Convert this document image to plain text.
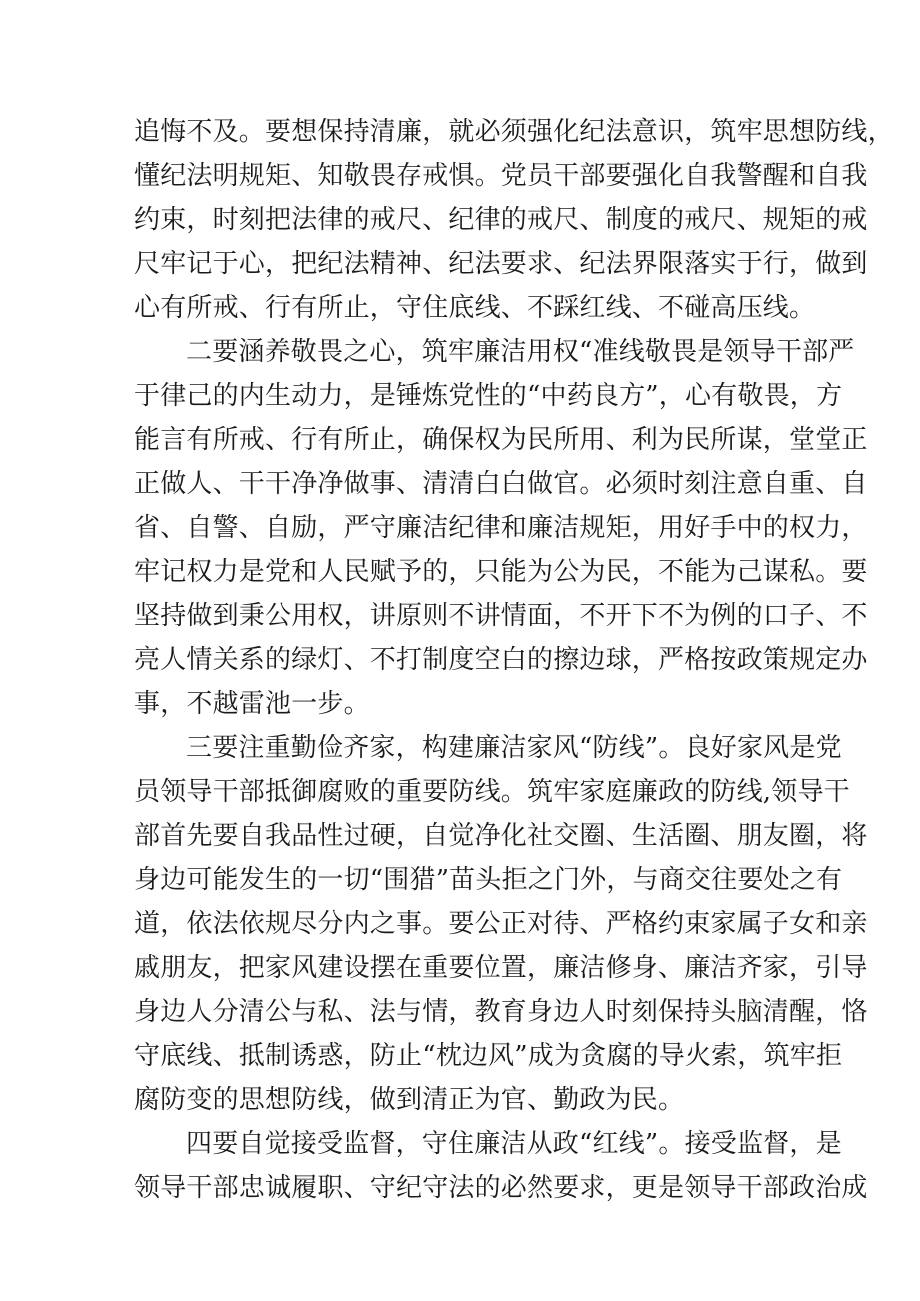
追悔不及。要想保持清廉，就必须强化纪法意识，筑牢思想防线，

懂纪法明规矩、知敬畏存戒惧。党员干部要强化自我警醒和自我

约束，时刻把法律的戒尺、纪律的戒尺、制度的戒尺、规矩的戒

尺牢记于心，把纪法精神、纪法要求、纪法界限落实于行，做到

心有所戒、行有所止，守住底线、不踩红线、不碰高压线。

二要涵养敬畏之心，筑牢廉洁用权“准线敬畏是领导干部严

于律己的内生动力，是锤炼党性的“中药良方”，心有敬畏，方

能言有所戒、行有所止，确保权为民所用、利为民所谋，堂堂正

正做人、干干净净做事、清清白白做官。必须时刻注意自重、自

省、自警、自励，严守廉洁纪律和廉洁规矩，用好手中的权力，

牢记权力是党和人民赋予的，只能为公为民，不能为己谋私。要

坚持做到秉公用权，讲原则不讲情面，不开下不为例的口子、不

亮人情关系的绿灯、不打制度空白的擦边球，严格按政策规定办

事，不越雷池一步。

三要注重勤俭齐家，构建廉洁家风“防线”。良好家风是党

员领导干部抵御腐败的重要防线。筑牢家庭廉政的防线,领导干

部首先要自我品性过硬，自觉净化社交圈、生活圈、朋友圈，将

身边可能发生的一切“围猎”苗头拒之门外，与商交往要处之有

道，依法依规尽分内之事。要公正对待、严格约束家属子女和亲

戚朋友，把家风建设摆在重要位置，廉洁修身、廉洁齐家，引导

身边人分清公与私、法与情，教育身边人时刻保持头脑清醒，恪

守底线、抵制诱惑，防止“枕边风”成为贪腐的导火索，筑牢拒

腐防变的思想防线，做到清正为官、勤政为民。

四要自觉接受监督，守住廉洁从政“红线”。接受监督，是

领导干部忠诚履职、守纪守法的必然要求，更是领导干部政治成
